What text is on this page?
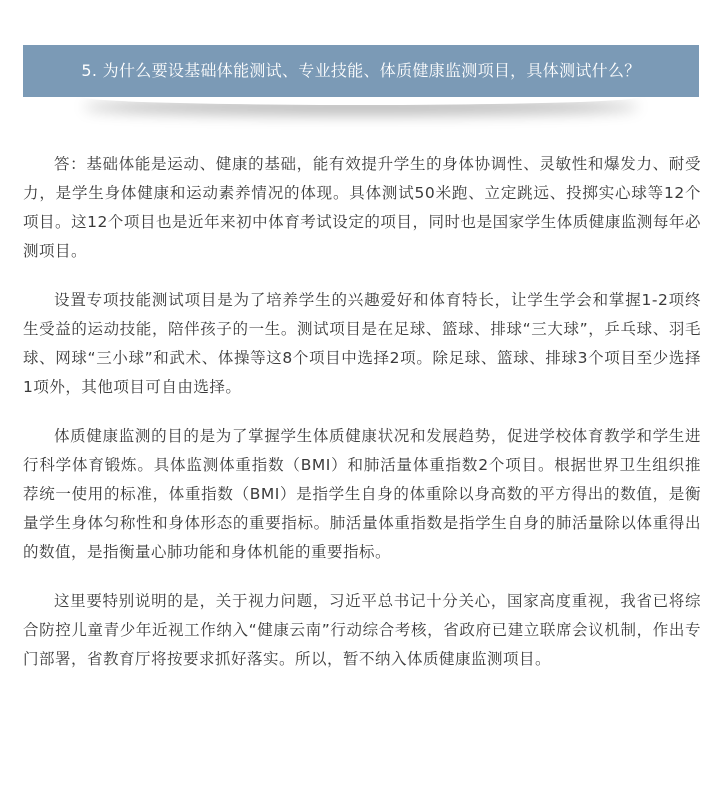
5. 为什么要设基础体能测试、专业技能、体质健康监测项目，具体测试什么？

答：基础体能是运动、健康的基础，能有效提升学生的身体协调性、灵敏性和爆发力、耐受力，是学生身体健康和运动素养情况的体现。具体测试50米跑、立定跳远、投掷实心球等12个项目。这12个项目也是近年来初中体育考试设定的项目，同时也是国家学生体质健康监测每年必测项目。

设置专项技能测试项目是为了培养学生的兴趣爱好和体育特长，让学生学会和掌握1-2项终生受益的运动技能，陪伴孩子的一生。测试项目是在足球、篮球、排球“三大球”，乒乓球、羽毛球、网球“三小球”和武术、体操等这8个项目中选择2项。除足球、篮球、排球3个项目至少选择1项外，其他项目可自由选择。

体质健康监测的目的是为了掌握学生体质健康状况和发展趋势，促进学校体育教学和学生进行科学体育锻炼。具体监测体重指数（BMI）和肺活量体重指数2个项目。根据世界卫生组织推荐统一使用的标准，体重指数（BMI）是指学生自身的体重除以身高数的平方得出的数值，是衡量学生身体匀称性和身体形态的重要指标。肺活量体重指数是指学生自身的肺活量除以体重得出的数值，是指衡量心肺功能和身体机能的重要指标。

这里要特别说明的是，关于视力问题，习近平总书记十分关心，国家高度重视，我省已将综合防控儿童青少年近视工作纳入“健康云南”行动综合考核，省政府已建立联席会议机制，作出专门部署，省教育厅将按要求抓好落实。所以，暂不纳入体质健康监测项目。
